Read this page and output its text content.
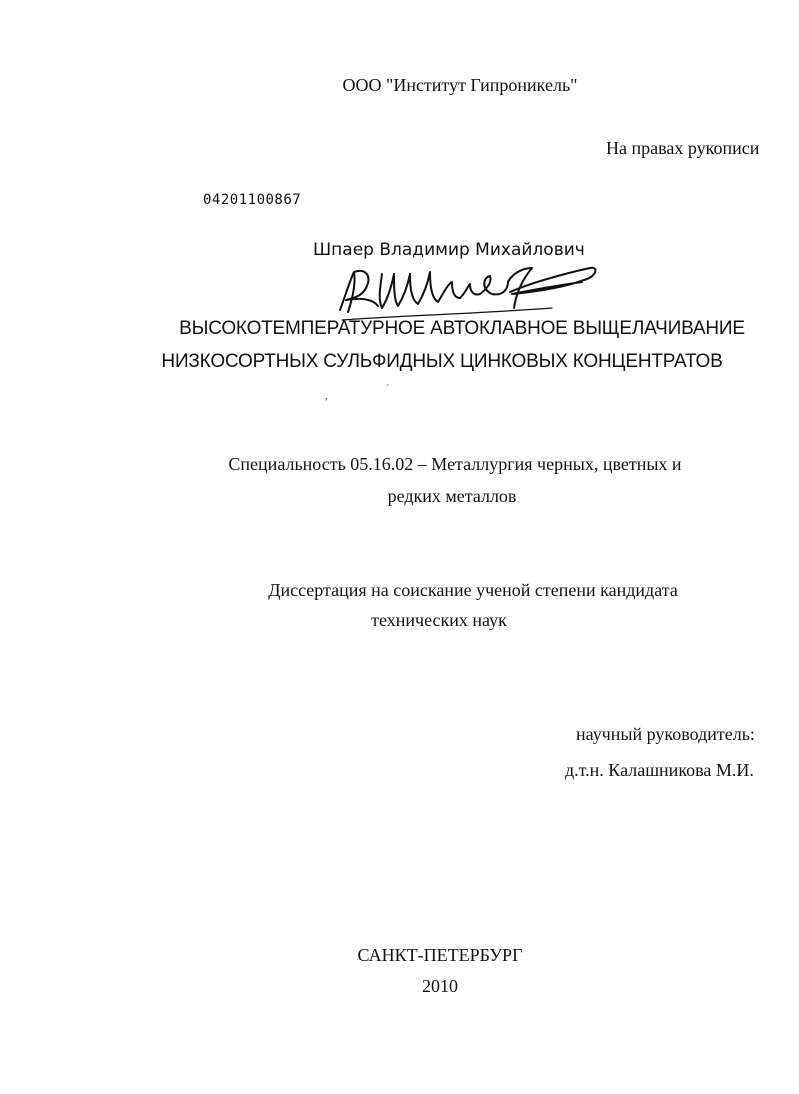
ООО "Институт Гипроникель"
На правах рукописи
04201100867
Шпаер Владимир Михайлович
ВЫСОКОТЕМПЕРАТУРНОЕ АВТОКЛАВНОЕ ВЫЩЕЛАЧИВАНИЕ
НИЗКОСОРТНЫХ СУЛЬФИДНЫХ ЦИНКОВЫХ КОНЦЕНТРАТОВ
,
`
Специальность 05.16.02 – Металлургия черных, цветных и
редких металлов
Диссертация на соискание ученой степени кандидата
технических наук
научный руководитель:
д.т.н. Калашникова М.И.
САНКТ-ПЕТЕРБУРГ
2010
